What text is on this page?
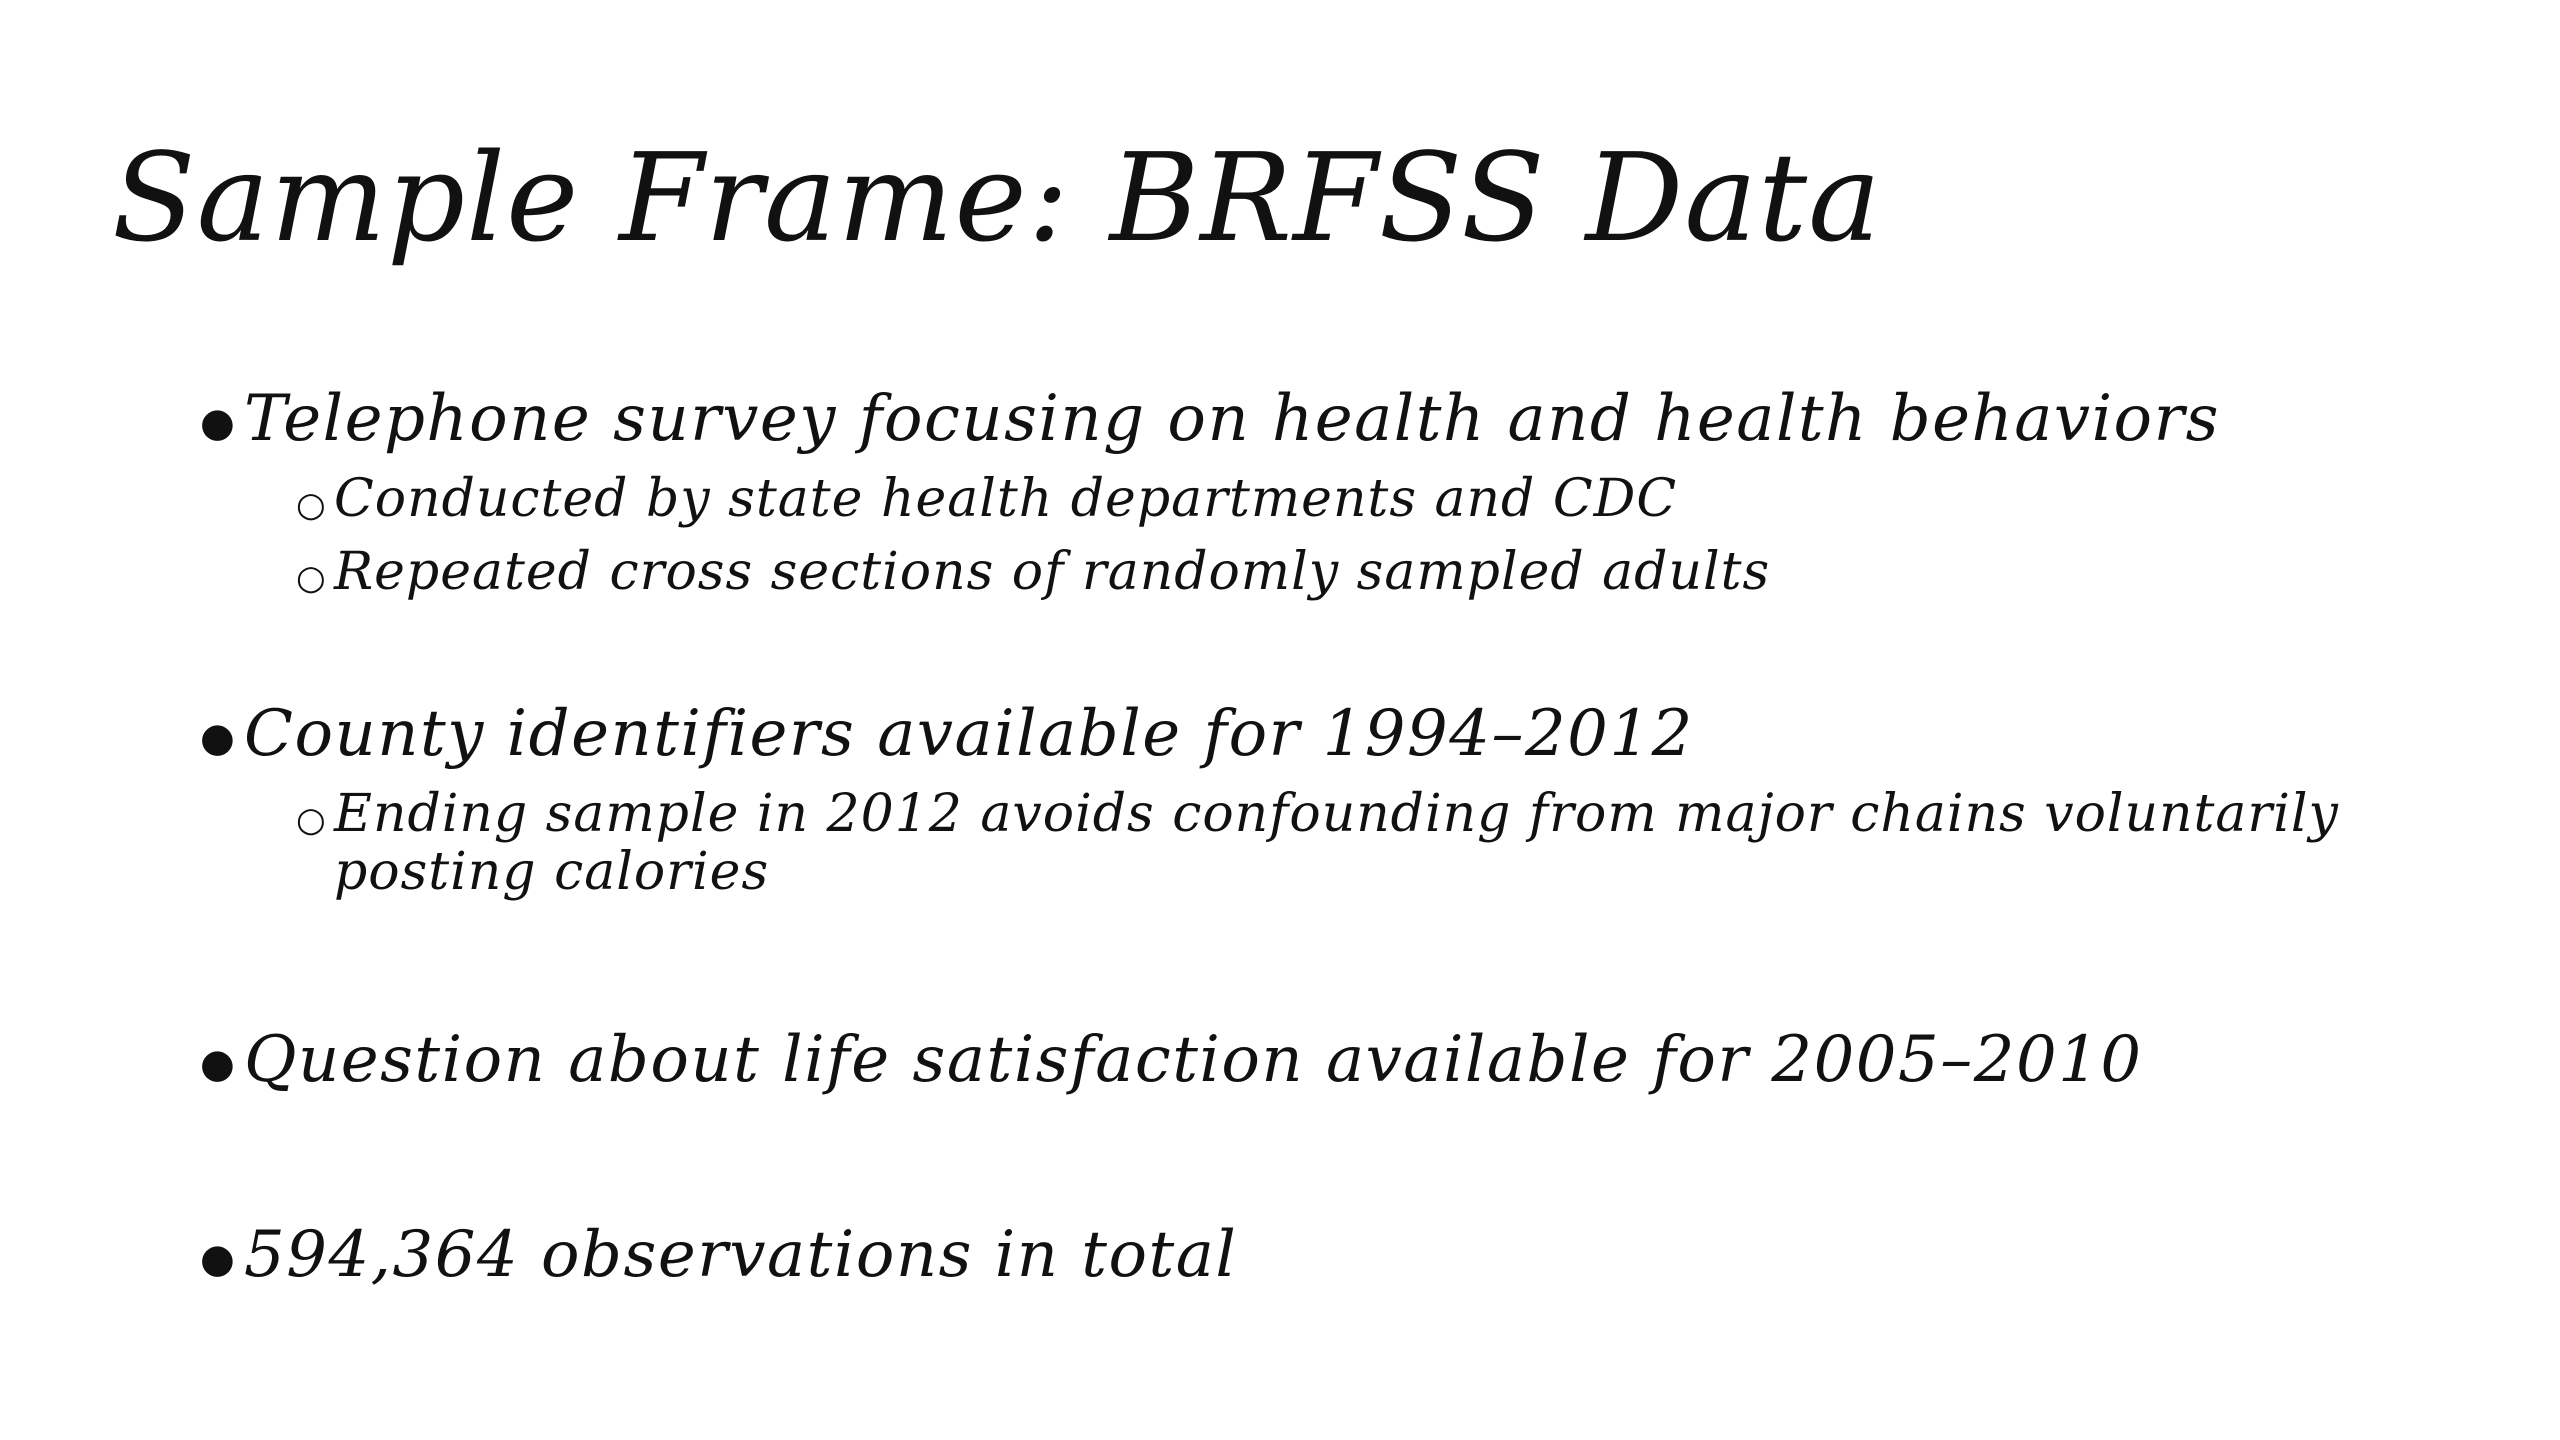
Sample Frame: BRFSS Data
● Telephone survey focusing on health and health behaviors
○ Conducted by state health departments and CDC
○ Repeated cross sections of randomly sampled adults
● County identifiers available for 1994–2012
○ Ending sample in 2012 avoids confounding from major chains voluntarily posting calories
● Question about life satisfaction available for 2005–2010
● 594,364 observations in total
